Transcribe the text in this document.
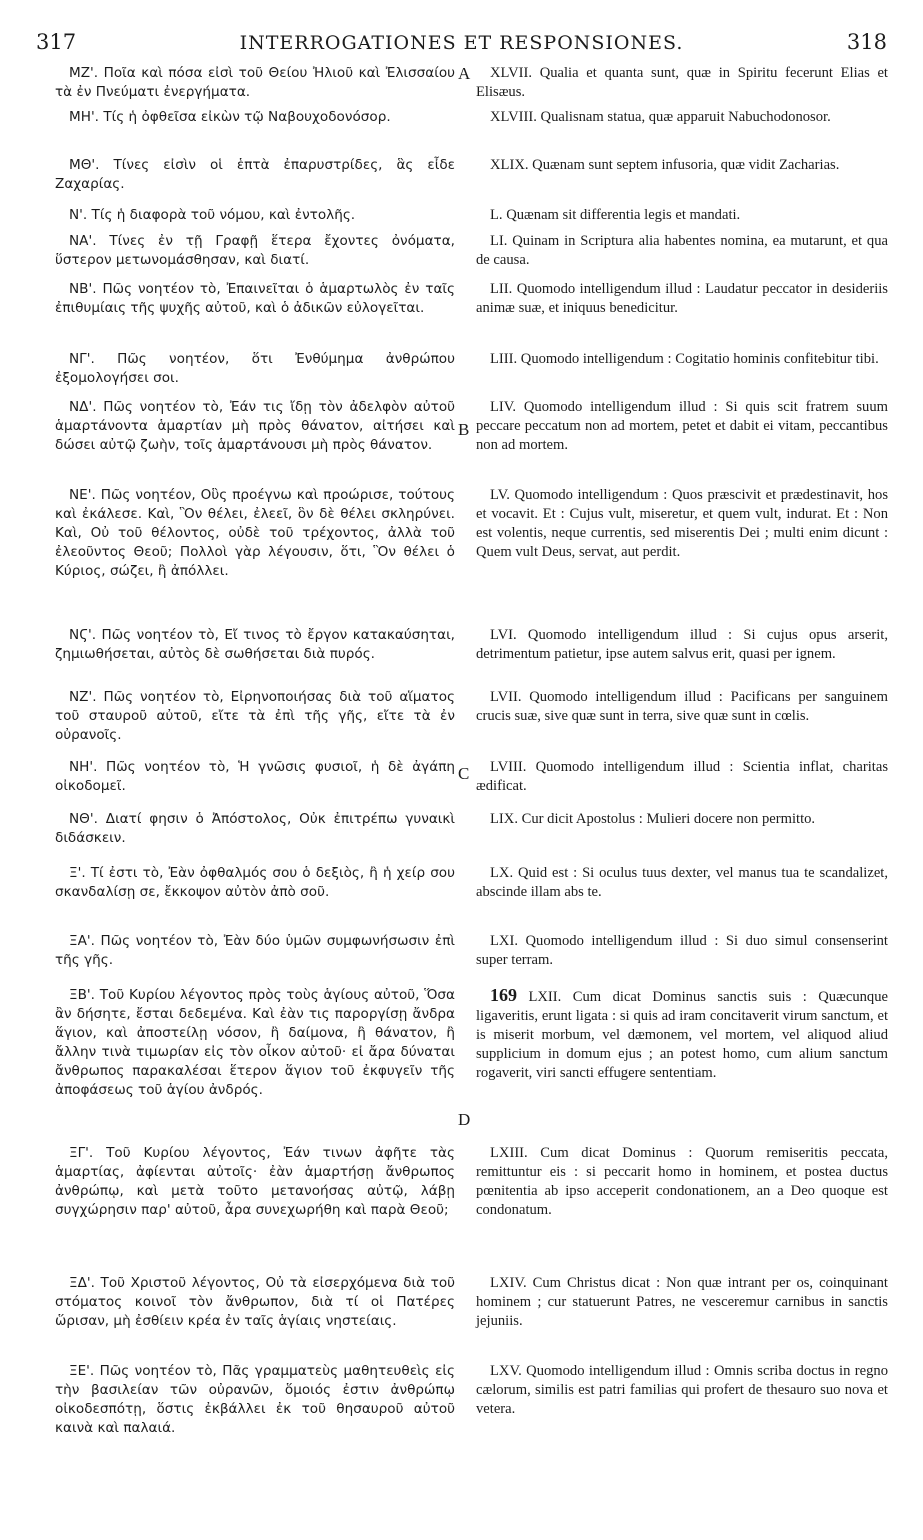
317	INTERROGATIONES ET RESPONSIONES.	318
ΜΖ'. Ποῖα καὶ πόσα εἰσὶ τοῦ Θείου Ἠλιοῦ καὶ Ἐλισσαίου τὰ ἐν Πνεύματι ἐνεργήματα.
ΜΗ'. Τίς ἡ ὀφθεῖσα εἰκὼν τῷ Ναβουχοδονόσορ.
ΜΘ'. Τίνες εἰσὶν οἱ ἑπτὰ ἐπαρυστρίδες, ἃς εἶδε Ζαχαρίας.
Ν'. Τίς ἡ διαφορὰ τοῦ νόμου, καὶ ἐντολῆς.
ΝΑ'. Τίνες ἐν τῇ Γραφῇ ἕτερα ἔχοντες ὀνόματα, ὕστερον μετωνομάσθησαν, καὶ διατί.
ΝΒ'. Πῶς νοητέον τὸ, Ἐπαινεῖται ὁ ἁμαρτωλὸς ἐν ταῖς ἐπιθυμίαις τῆς ψυχῆς αὐτοῦ, καὶ ὁ ἀδικῶν εὐλογεῖται.
ΝΓ'. Πῶς νοητέον, ὅτι Ἐνθύμημα ἀνθρώπου ἐξομολογήσει σοι.
ΝΔ'. Πῶς νοητέον τὸ, Ἐάν τις ἴδῃ τὸν ἀδελφὸν αὐτοῦ ἁμαρτάνοντα ἁμαρτίαν μὴ πρὸς θάνατον, αἰτήσει καὶ δώσει αὐτῷ ζωὴν, τοῖς ἁμαρτάνουσι μὴ πρὸς θάνατον.
ΝΕ'. Πῶς νοητέον, Οὓς προέγνω καὶ προώρισε, τούτους καὶ ἐκάλεσε. Καὶ, Ὃν θέλει, ἐλεεῖ, ὃν δὲ θέλει σκληρύνει. Καὶ, Οὐ τοῦ θέλοντος, οὐδὲ τοῦ τρέχοντος, ἀλλὰ τοῦ ἐλεοῦντος Θεοῦ; Πολλοὶ γὰρ λέγουσιν, ὅτι, Ὃν θέλει ὁ Κύριος, σώζει, ἢ ἀπόλλει.
ΝϚ'. Πῶς νοητέον τὸ, Εἴ τινος τὸ ἔργον κατακαύσηται, ζημιωθήσεται, αὐτὸς δὲ σωθήσεται διὰ πυρός.
ΝΖ'. Πῶς νοητέον τὸ, Εἰρηνοποιήσας διὰ τοῦ αἵματος τοῦ σταυροῦ αὐτοῦ, εἴτε τὰ ἐπὶ τῆς γῆς, εἴτε τὰ ἐν οὐρανοῖς.
ΝΗ'. Πῶς νοητέον τὸ, Ἡ γνῶσις φυσιοῖ, ἡ δὲ ἀγάπη οἰκοδομεῖ.
ΝΘ'. Διατί φησιν ὁ Ἀπόστολος, Οὐκ ἐπιτρέπω γυναικὶ διδάσκειν.
Ξ'. Τί ἐστι τὸ, Ἐὰν ὀφθαλμός σου ὁ δεξιὸς, ἢ ἡ χείρ σου σκανδαλίσῃ σε, ἔκκοψον αὐτὸν ἀπὸ σοῦ.
ΞΑ'. Πῶς νοητέον τὸ, Ἐὰν δύο ὑμῶν συμφωνήσωσιν ἐπὶ τῆς γῆς.
ΞΒ'. Τοῦ Κυρίου λέγοντος πρὸς τοὺς ἁγίους αὐτοῦ, Ὅσα ἂν δήσητε, ἔσται δεδεμένα. Καὶ ἐὰν τις παροργίσῃ ἄνδρα ἅγιον, καὶ ἀποστείλῃ νόσον, ἢ δαίμονα, ἢ θάνατον, ἢ ἄλλην τινὰ τιμωρίαν εἰς τὸν οἶκον αὐτοῦ· εἰ ἄρα δύναται ἄνθρωπος παρακαλέσαι ἕτερον ἅγιον τοῦ ἐκφυγεῖν τῆς ἀποφάσεως τοῦ ἁγίου ἀνδρός.
ΞΓ'. Τοῦ Κυρίου λέγοντος, Ἐάν τινων ἀφῆτε τὰς ἁμαρτίας, ἀφίενται αὐτοῖς· ἐὰν ἁμαρτήσῃ ἄνθρωπος ἀνθρώπῳ, καὶ μετὰ τοῦτο μετανοήσας αὐτῷ, λάβῃ συγχώρησιν παρ' αὐτοῦ, ἆρα συνεχωρήθη καὶ παρὰ Θεοῦ;
ΞΔ'. Τοῦ Χριστοῦ λέγοντος, Οὐ τὰ εἰσερχόμενα διὰ τοῦ στόματος κοινοῖ τὸν ἄνθρωπον, διὰ τί οἱ Πατέρες ὥρισαν, μὴ ἐσθίειν κρέα ἐν ταῖς ἁγίαις νηστείαις.
ΞΕ'. Πῶς νοητέον τὸ, Πᾶς γραμματεὺς μαθητευθεὶς εἰς τὴν βασιλείαν τῶν οὐρανῶν, ὅμοιός ἐστιν ἀνθρώπῳ οἰκοδεσπότῃ, ὅστις ἐκβάλλει ἐκ τοῦ θησαυροῦ αὐτοῦ καινὰ καὶ παλαιά.
XLVII. Qualia et quanta sunt, quæ in Spiritu fecerunt Elias et Elisæus.
XLVIII. Qualisnam statua, quæ apparuit Nabuchodonosor.
XLIX. Quænam sunt septem infusoria, quæ vidit Zacharias.
L. Quænam sit differentia legis et mandati.
LI. Quinam in Scriptura alia habentes nomina, ea mutarunt, et qua de causa.
LII. Quomodo intelligendum illud : Laudatur peccator in desideriis animæ suæ, et iniquus benedicitur.
LIII. Quomodo intelligendum : Cogitatio hominis confitebitur tibi.
LIV. Quomodo intelligendum illud : Si quis scit fratrem suum peccare peccatum non ad mortem, petet et dabit ei vitam, peccantibus non ad mortem.
LV. Quomodo intelligendum : Quos præscivit et prædestinavit, hos et vocavit. Et : Cujus vult, miseretur, et quem vult, indurat. Et : Non est volentis, neque currentis, sed miserentis Dei ; multi enim dicunt : Quem vult Deus, servat, aut perdit.
LVI. Quomodo intelligendum illud : Si cujus opus arserit, detrimentum patietur, ipse autem salvus erit, quasi per ignem.
LVII. Quomodo intelligendum illud : Pacificans per sanguinem crucis suæ, sive quæ sunt in terra, sive quæ sunt in cœlis.
LVIII. Quomodo intelligendum illud : Scientia inflat, charitas ædificat.
LIX. Cur dicit Apostolus : Mulieri docere non permitto.
LX. Quid est : Si oculus tuus dexter, vel manus tua te scandalizet, abscinde illam abs te.
LXI. Quomodo intelligendum illud : Si duo simul consenserint super terram.
169 LXII. Cum dicat Dominus sanctis suis : Quæcunque ligaveritis, erunt ligata : si quis ad iram concitaverit virum sanctum, et is miserit morbum, vel dæmonem, vel mortem, vel aliquod aliud supplicium in domum ejus ; an potest homo, cum alium sanctum rogaverit, viri sancti effugere sententiam.
LXIII. Cum dicat Dominus : Quorum remiseritis peccata, remittuntur eis : si peccarit homo in hominem, et postea ductus pœnitentia ab ipso acceperit condonationem, an a Deo quoque est condonatum.
LXIV. Cum Christus dicat : Non quæ intrant per os, coinquinant hominem ; cur statuerunt Patres, ne vesceremur carnibus in sanctis jejuniis.
LXV. Quomodo intelligendum illud : Omnis scriba doctus in regno cælorum, similis est patri familias qui profert de thesauro suo nova et vetera.
A
B
C
D
